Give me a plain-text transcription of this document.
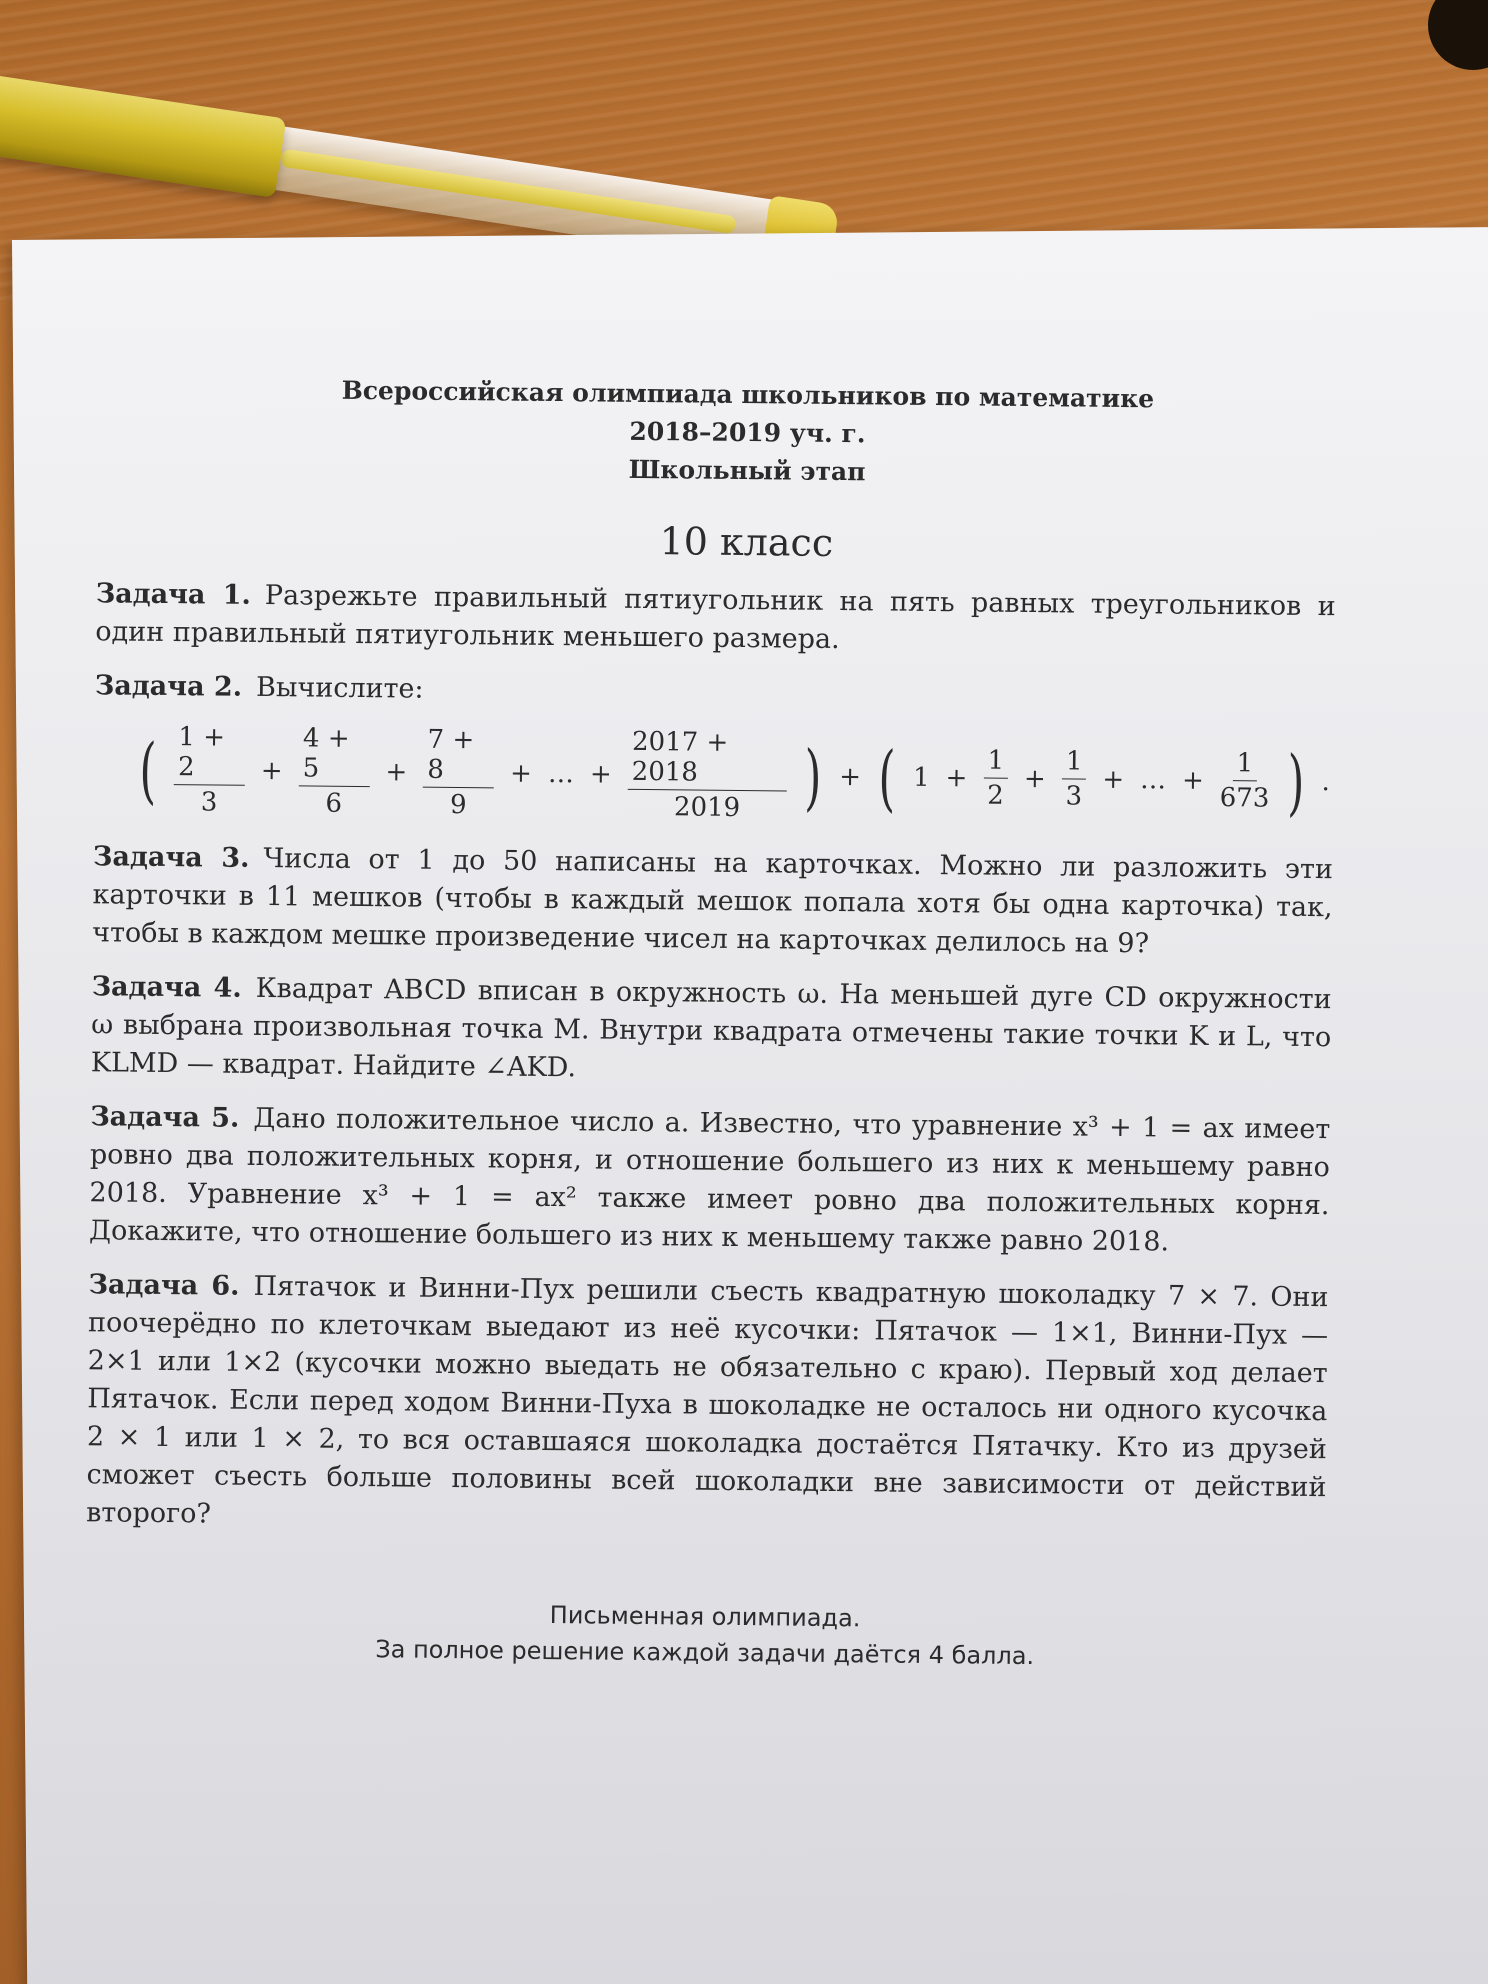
Всероссийская олимпиада школьников по математике
2018–2019 уч. г.
Школьный этап
10 класс
Задача 1. Разрежьте правильный пятиугольник на пять равных треугольников и один правильный пятиугольник меньшего размера.
Задача 2. Вычислите:
( $\frac{1 + 2}{3} + \frac{4 + 5}{6} + \frac{7 + 8}{9}$ + … + $\frac{2017 + 2018}{2019}$ ) + ( $1 + \frac{1}{2} + \frac{1}{3}$ + … + $\frac{1}{673}$ ) .
Задача 3. Числа от 1 до 50 написаны на карточках. Можно ли разложить эти карточки в 11 мешков (чтобы в каждый мешок попала хотя бы одна карточка) так, чтобы в каждом мешке произведение чисел на карточках делилось на 9?
Задача 4. Квадрат ABCD вписан в окружность ω. На меньшей дуге CD окружности ω выбрана произвольная точка M. Внутри квадрата отмечены такие точки K и L, что KLMD — квадрат. Найдите ∠AKD.
Задача 5. Дано положительное число a. Известно, что уравнение x³ + 1 = ax имеет ровно два положительных корня, и отношение большего из них к меньшему равно 2018. Уравнение x³ + 1 = ax² также имеет ровно два положительных корня. Докажите, что отношение большего из них к меньшему также равно 2018.
Задача 6. Пятачок и Винни-Пух решили съесть квадратную шоколадку 7 × 7. Они поочерёдно по клеточкам выедают из неё кусочки: Пятачок — 1×1, Винни-Пух — 2×1 или 1×2 (кусочки можно выедать не обязательно с краю). Первый ход делает Пятачок. Если перед ходом Винни-Пуха в шоколадке не осталось ни одного кусочка 2 × 1 или 1 × 2, то вся оставшаяся шоколадка достаётся Пятачку. Кто из друзей сможет съесть больше половины всей шоколадки вне зависимости от действий второго?
Письменная олимпиада.
За полное решение каждой задачи даётся 4 балла.
